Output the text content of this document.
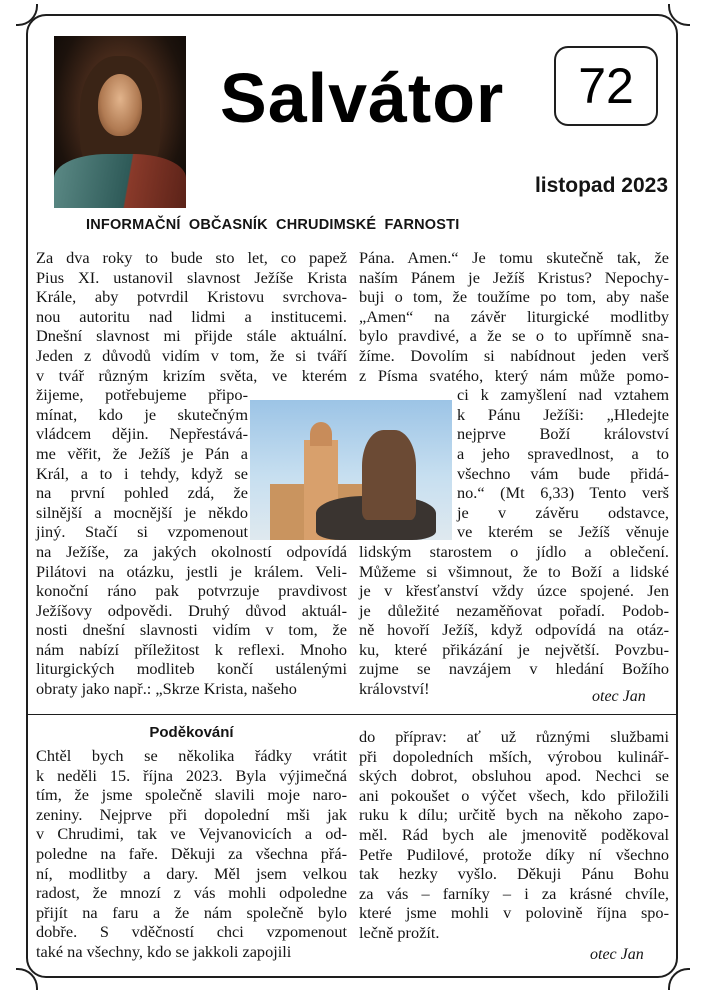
Salvátor	72
listopad 2023
INFORMAČNÍ OBČASNÍK CHRUDIMSKÉ FARNOSTI
Za dva roky to bude sto let, co papež
Pius XI. ustanovil slavnost Ježíše Krista
Krále, aby potvrdil Kristovu svrchova-
nou autoritu nad lidmi a institucemi.
Dnešní slavnost mi přijde stále aktuální.
Jeden z důvodů vidím v tom, že si tváří
v tvář různým krizím světa, ve kterém
žijeme, potřebujeme připo-
mínat, kdo je skutečným
vládcem dějin. Nepřestává-
me věřit, že Ježíš je Pán a
Král, a to i tehdy, když se
na první pohled zdá, že
silnější a mocnější je někdo
jiný. Stačí si vzpomenout
na Ježíše, za jakých okolností odpovídá
Pilátovi na otázku, jestli je králem. Veli-
konoční ráno pak potvrzuje pravdivost
Ježíšovy odpovědi. Druhý důvod aktuál-
nosti dnešní slavnosti vidím v tom, že
nám nabízí příležitost k reflexi. Mnoho
liturgických modliteb končí ustálenými
obraty jako např.: „Skrze Krista, našeho
Pána. Amen.“ Je tomu skutečně tak, že
naším Pánem je Ježíš Kristus? Nepochy-
buji o tom, že toužíme po tom, aby naše
„Amen“ na závěr liturgické modlitby
bylo pravdivé, a že se o to upřímně sna-
žíme. Dovolím si nabídnout jeden verš
z Písma svatého, který nám může pomo-
ci k zamyšlení nad vztahem
k Pánu Ježíši: „Hledejte
nejprve Boží království
a jeho spravedlnost, a to
všechno vám bude přidá-
no.“ (Mt 6,33) Tento verš
je v závěru odstavce,
ve kterém se Ježíš věnuje
lidským starostem o jídlo a oblečení.
Můžeme si všimnout, že to Boží a lidské
je v křesťanství vždy úzce spojené. Jen
je důležité nezaměňovat pořadí. Podob-
ně hovoří Ježíš, když odpovídá na otáz-
ku, které přikázání je největší. Povzbu-
zujme se navzájem v hledání Božího
království!	otec Jan
Poděkování
Chtěl bych se několika řádky vrátit
k neděli 15. října 2023. Byla výjimečná
tím, že jsme společně slavili moje naro-
zeniny. Nejprve při dopolední mši jak
v Chrudimi, tak ve Vejvanovicích a od-
poledne na faře. Děkuji za všechna přá-
ní, modlitby a dary. Měl jsem velkou
radost, že mnozí z vás mohli odpoledne
přijít na faru a že nám společně bylo
dobře. S vděčností chci vzpomenout
také na všechny, kdo se jakkoli zapojili
do příprav: ať už různými službami
při dopoledních mších, výrobou kulinář-
ských dobrot, obsluhou apod. Nechci se
ani pokoušet o výčet všech, kdo přiložili
ruku k dílu; určitě bych na někoho zapo-
měl. Rád bych ale jmenovitě poděkoval
Petře Pudilové, protože díky ní všechno
tak hezky vyšlo. Děkuji Pánu Bohu
za vás – farníky – i za krásné chvíle,
které jsme mohli v polovině října spo-
lečně prožít.
otec Jan
